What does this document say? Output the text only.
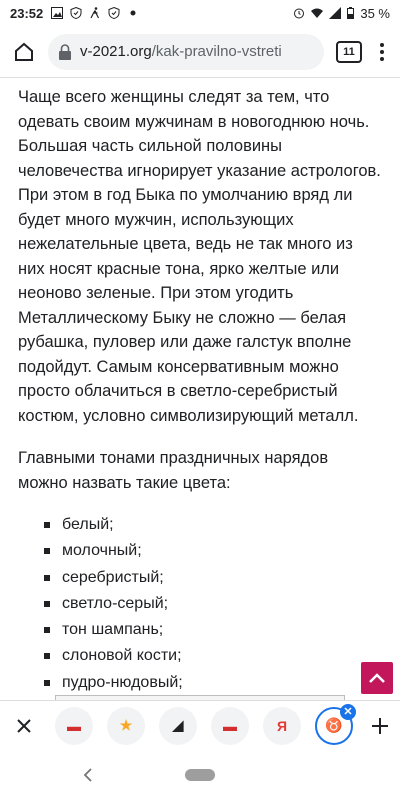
23:52	35 %
v-2021.org/kak-pravilno-vstreti	11

Чаще всего женщины следят за тем, что одевать своим мужчинам в новогоднюю ночь. Большая часть сильной половины человечества игнорирует указание астрологов. При этом в год Быка по умолчанию вряд ли будет много мужчин, использующих нежелательные цвета, ведь не так много из них носят красные тона, ярко желтые или неоново зеленые. При этом угодить Металлическому Быку не сложно — белая рубашка, пуловер или даже галстук вполне подойдут. Самым консервативным можно просто облачиться в светло-серебристый костюм, условно символизирующий металл.

Главными тонами праздничных нарядов можно назвать такие цвета:

белый;
молочный;
серебристый;
светло-серый;
тон шампань;
слоновой кости;
пудро-нюдовый;
▬	★	◢	▬	Я	♉
✕
